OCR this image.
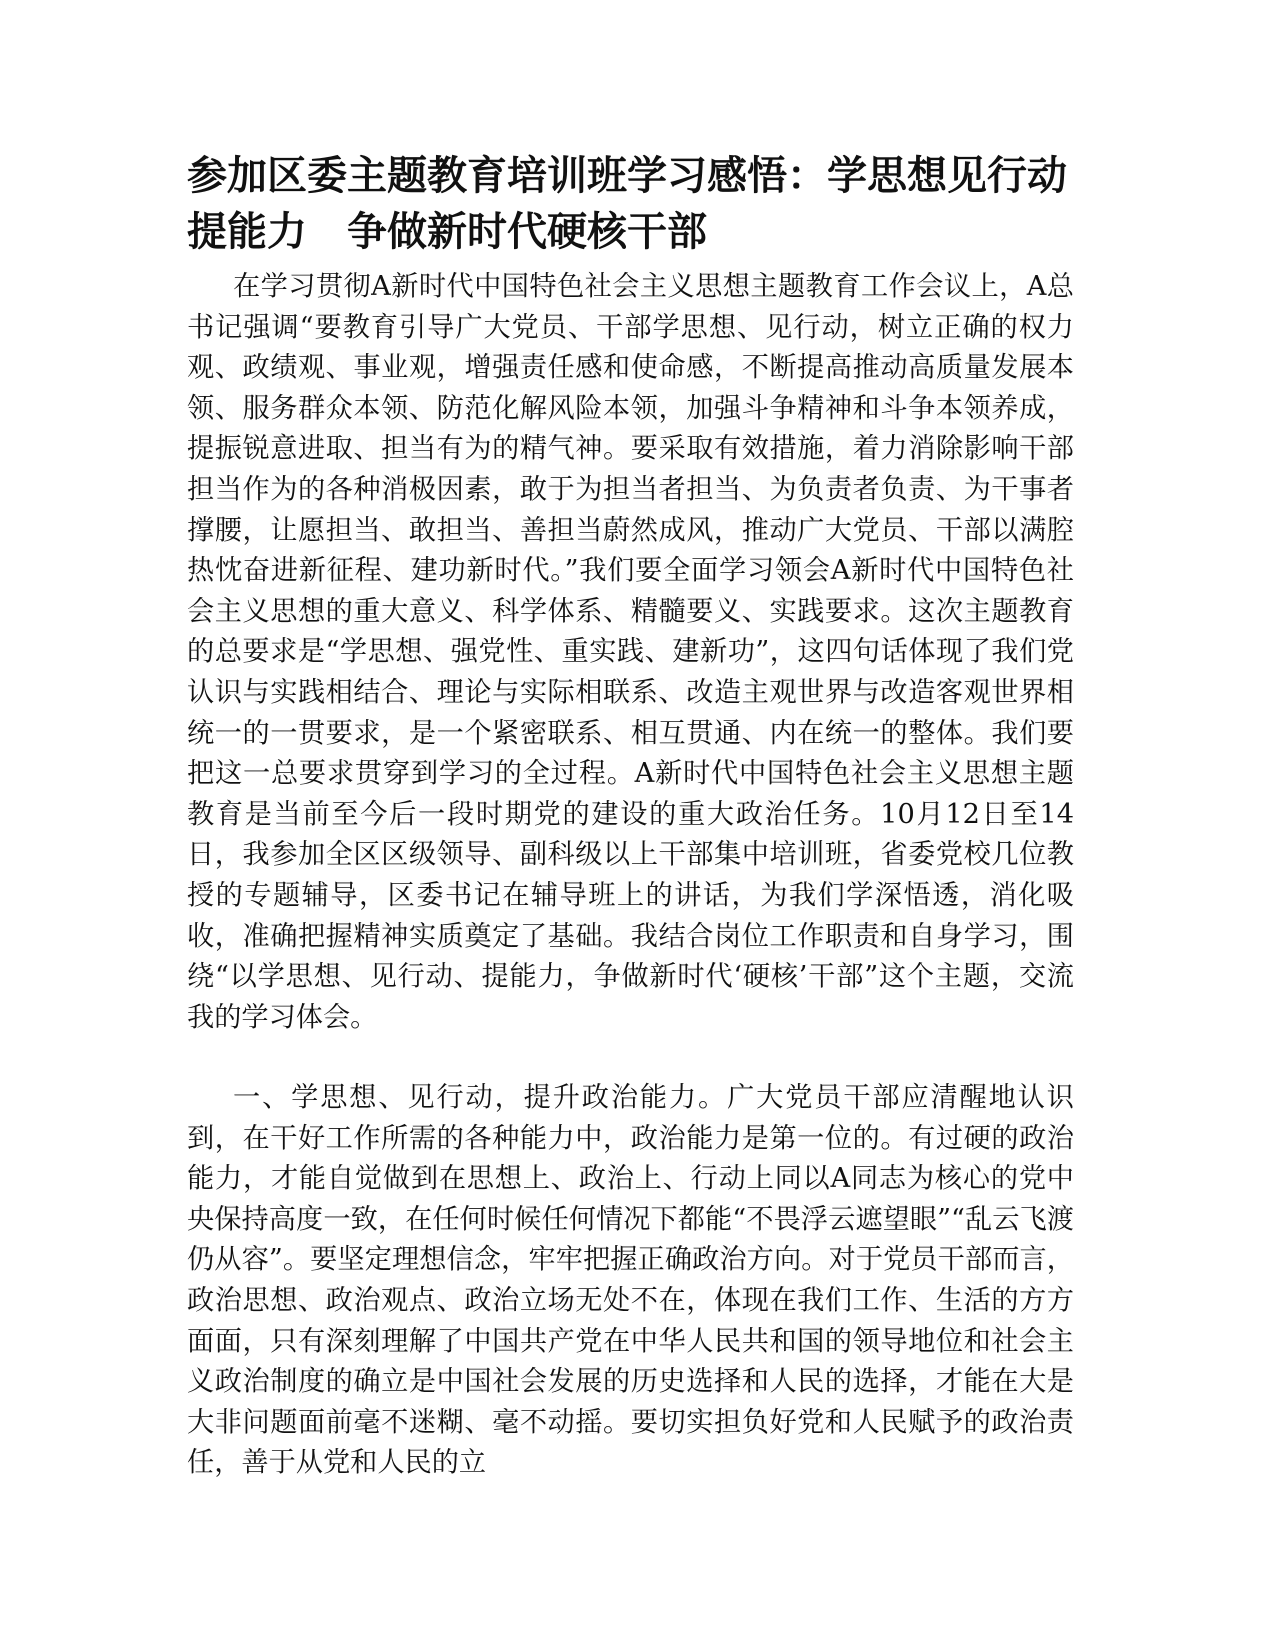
参加区委主题教育培训班学习感悟：学思想见行动提能力　争做新时代硬核干部

在学习贯彻A新时代中国特色社会主义思想主题教育工作会议上，A总书记强调“要教育引导广大党员、干部学思想、见行动，树立正确的权力观、政绩观、事业观，增强责任感和使命感，不断提高推动高质量发展本领、服务群众本领、防范化解风险本领，加强斗争精神和斗争本领养成，提振锐意进取、担当有为的精气神。要采取有效措施，着力消除影响干部担当作为的各种消极因素，敢于为担当者担当、为负责者负责、为干事者撑腰，让愿担当、敢担当、善担当蔚然成风，推动广大党员、干部以满腔热忱奋进新征程、建功新时代。”我们要全面学习领会A新时代中国特色社会主义思想的重大意义、科学体系、精髓要义、实践要求。这次主题教育的总要求是“学思想、强党性、重实践、建新功”，这四句话体现了我们党认识与实践相结合、理论与实际相联系、改造主观世界与改造客观世界相统一的一贯要求，是一个紧密联系、相互贯通、内在统一的整体。我们要把这一总要求贯穿到学习的全过程。A新时代中国特色社会主义思想主题教育是当前至今后一段时期党的建设的重大政治任务。10月12日至14日，我参加全区区级领导、副科级以上干部集中培训班，省委党校几位教授的专题辅导，区委书记在辅导班上的讲话，为我们学深悟透，消化吸收，准确把握精神实质奠定了基础。我结合岗位工作职责和自身学习，围绕“以学思想、见行动、提能力，争做新时代‘硬核’干部”这个主题，交流我的学习体会。

一、学思想、见行动，提升政治能力。广大党员干部应清醒地认识到，在干好工作所需的各种能力中，政治能力是第一位的。有过硬的政治能力，才能自觉做到在思想上、政治上、行动上同以A同志为核心的党中央保持高度一致，在任何时候任何情况下都能“不畏浮云遮望眼”“乱云飞渡仍从容”。要坚定理想信念，牢牢把握正确政治方向。对于党员干部而言，政治思想、政治观点、政治立场无处不在，体现在我们工作、生活的方方面面，只有深刻理解了中国共产党在中华人民共和国的领导地位和社会主义政治制度的确立是中国社会发展的历史选择和人民的选择，才能在大是大非问题面前毫不迷糊、毫不动摇。要切实担负好党和人民赋予的政治责任，善于从党和人民的立
